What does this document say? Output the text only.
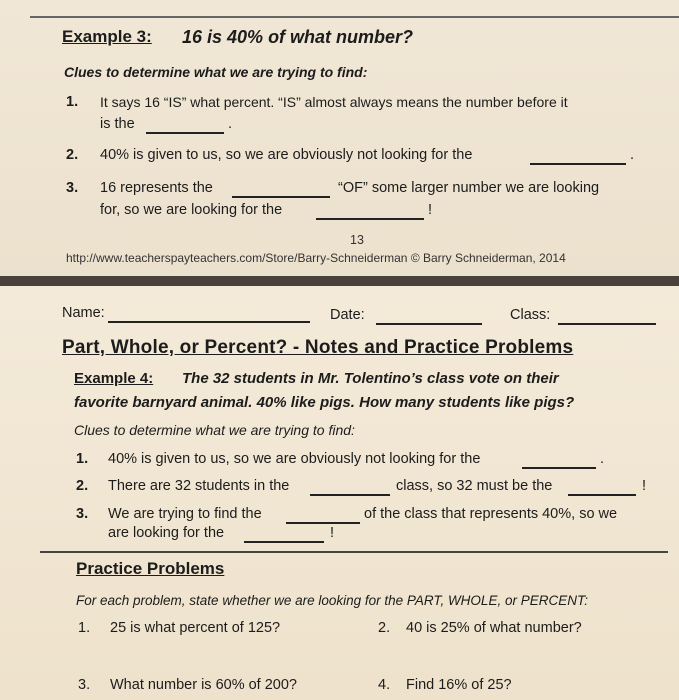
Example 3: 16 is 40% of what number?
Clues to determine what we are trying to find:
1. It says 16 “IS” what percent. “IS” almost always means the number before it
is the	.
2. 40% is given to us, so we are obviously not looking for the	.
3. 16 represents the	“OF” some larger number we are looking
for, so we are looking for the	!
13
http://www.teacherspayteachers.com/Store/Barry-Schneiderman © Barry Schneiderman, 2014
Name:	Date:	Class:
Part, Whole, or Percent? - Notes and Practice Problems
Example 4: The 32 students in Mr. Tolentino’s class vote on their
favorite barnyard animal. 40% like pigs. How many students like pigs?
Clues to determine what we are trying to find:
1. 40% is given to us, so we are obviously not looking for the	.
2. There are 32 students in the	class, so 32 must be the	!
3. We are trying to find the	of the class that represents 40%, so we
are looking for the	!
Practice Problems
For each problem, state whether we are looking for the PART, WHOLE, or PERCENT:
1. 25 is what percent of 125?	2. 40 is 25% of what number?
3. What number is 60% of 200?	4. Find 16% of 25?
